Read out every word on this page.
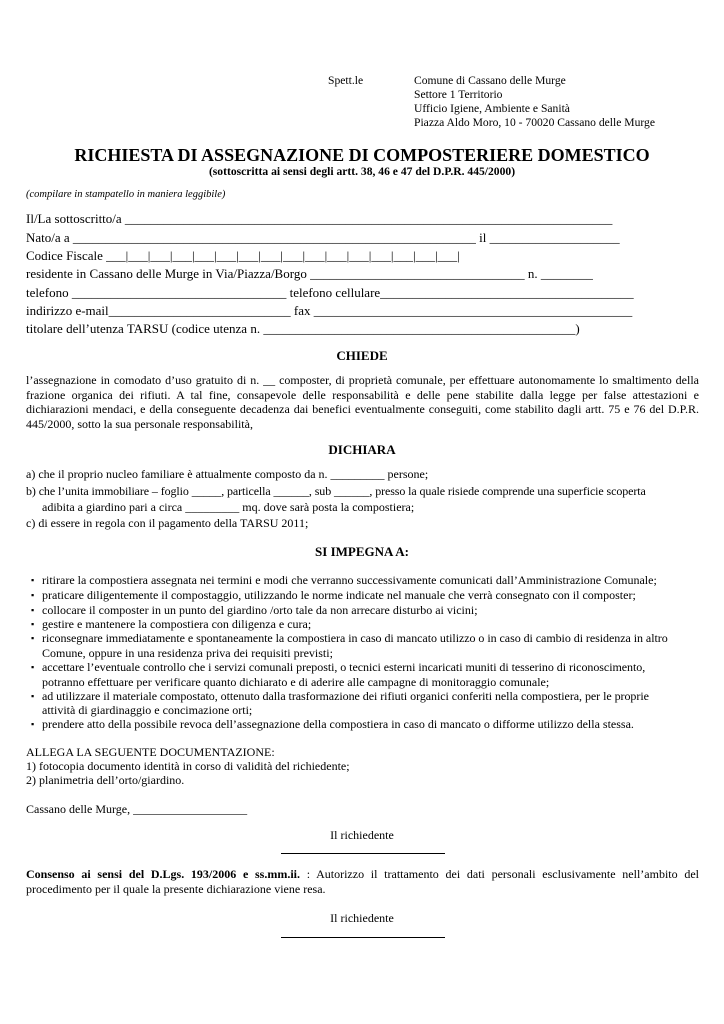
Spett.le	Comune di Cassano delle Murge
Settore 1 Territorio
Ufficio Igiene, Ambiente e Sanità
Piazza Aldo Moro, 10 - 70020 Cassano delle Murge
RICHIESTA DI ASSEGNAZIONE DI COMPOSTERIERE DOMESTICO
(sottoscritta ai sensi degli artt. 38, 46 e 47 del D.P.R. 445/2000)
(compilare in stampatello in maniera leggibile)
Il/La sottoscritto/a ___________________________________________________________________________
Nato/a a ______________________________________________________________ il ____________________
Codice Fiscale ___|___|___|___|___|___|___|___|___|___|___|___|___|___|___|___|
residente in Cassano delle Murge in Via/Piazza/Borgo _________________________________ n. ________
telefono _________________________________ telefono cellulare_______________________________________
indirizzo e-mail____________________________ fax _________________________________________________
titolare dell’utenza TARSU (codice utenza n. ________________________________________________)
CHIEDE
l’assegnazione in comodato d’uso gratuito di n. __ composter, di proprietà comunale, per effettuare autonomamente lo smaltimento della frazione organica dei rifiuti. A tal fine, consapevole delle responsabilità e delle pene stabilite dalla legge per false attestazioni e dichiarazioni mendaci, e della conseguente decadenza dai benefici eventualmente conseguiti, come stabilito dagli artt. 75 e 76 del D.P.R. 445/2000, sotto la sua personale responsabilità,
DICHIARA
a) che il proprio nucleo familiare è attualmente composto da n. _________ persone;
b) che l’unita immobiliare – foglio _____, particella ______, sub ______, presso la quale risiede comprende una superficie scoperta
adibita a giardino pari a circa _________ mq. dove sarà posta la compostiera;
c) di essere in regola con il pagamento della TARSU 2011;
SI IMPEGNA A:
▪ ritirare la compostiera assegnata nei termini e modi che verranno successivamente comunicati dall’Amministrazione Comunale;
▪ praticare diligentemente il compostaggio, utilizzando le norme indicate nel manuale che verrà consegnato con il composter;
▪ collocare il composter in un punto del giardino /orto tale da non arrecare disturbo ai vicini;
▪ gestire e mantenere la compostiera con diligenza e cura;
▪ riconsegnare immediatamente e spontaneamente la compostiera in caso di mancato utilizzo o in caso di cambio di residenza in altro
Comune, oppure in una residenza priva dei requisiti previsti;
▪ accettare l’eventuale controllo che i servizi comunali preposti, o tecnici esterni incaricati muniti di tesserino di riconoscimento,
potranno effettuare per verificare quanto dichiarato e di aderire alle campagne di monitoraggio comunale;
▪ ad utilizzare il materiale compostato, ottenuto dalla trasformazione dei rifiuti organici conferiti nella compostiera, per le proprie
attività di giardinaggio e concimazione orti;
▪ prendere atto della possibile revoca dell’assegnazione della compostiera in caso di mancato o difforme utilizzo della stessa.
ALLEGA LA SEGUENTE DOCUMENTAZIONE:
1) fotocopia documento identità in corso di validità del richiedente;
2) planimetria dell’orto/giardino.
Cassano delle Murge, ___________________
Il richiedente
Consenso ai sensi del D.Lgs. 193/2006 e ss.mm.ii. : Autorizzo il trattamento dei dati personali esclusivamente nell’ambito del procedimento per il quale la presente dichiarazione viene resa.
Il richiedente
